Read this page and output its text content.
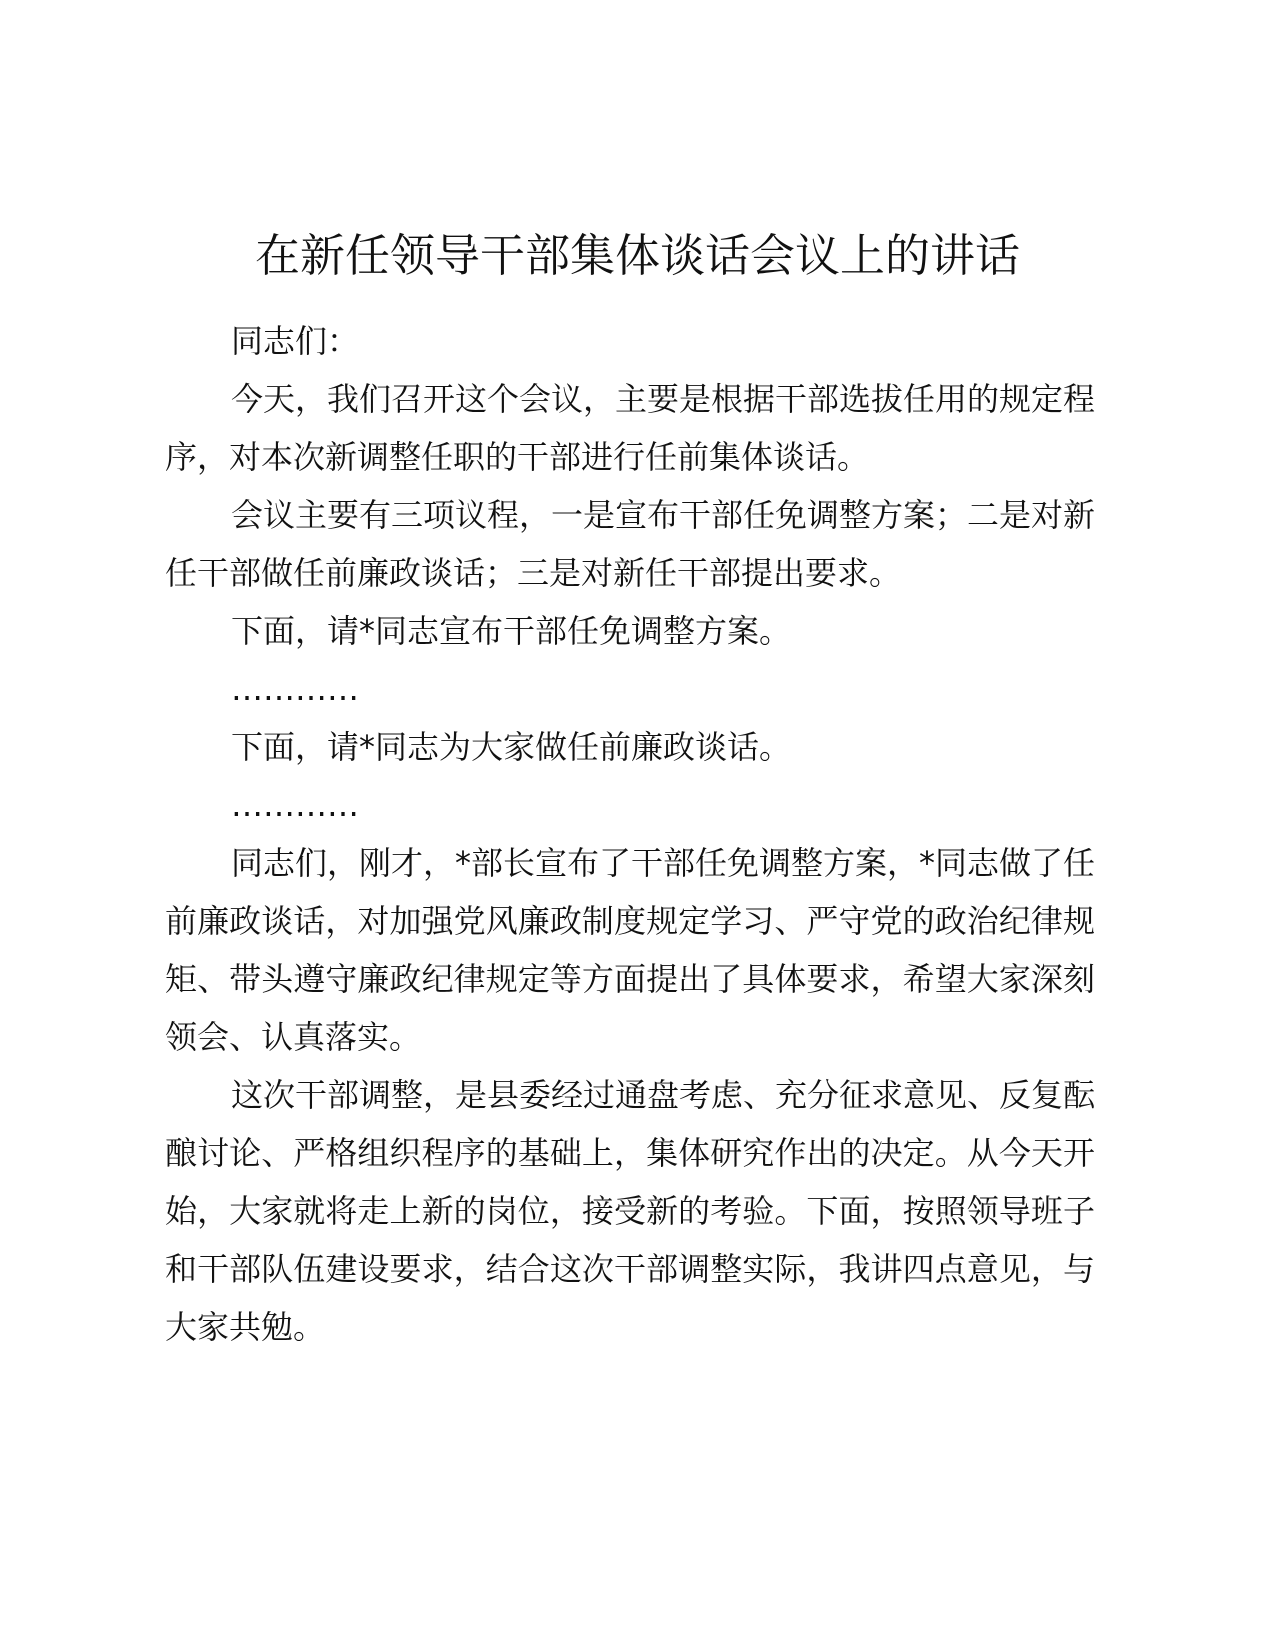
在新任领导干部集体谈话会议上的讲话

同志们：

今天，我们召开这个会议，主要是根据干部选拔任用的规定程序，对本次新调整任职的干部进行任前集体谈话。

会议主要有三项议程，一是宣布干部任免调整方案；二是对新任干部做任前廉政谈话；三是对新任干部提出要求。

下面，请*同志宣布干部任免调整方案。

…………

下面，请*同志为大家做任前廉政谈话。

…………

同志们，刚才，*部长宣布了干部任免调整方案，*同志做了任前廉政谈话，对加强党风廉政制度规定学习、严守党的政治纪律规矩、带头遵守廉政纪律规定等方面提出了具体要求，希望大家深刻领会、认真落实。

这次干部调整，是县委经过通盘考虑、充分征求意见、反复酝酿讨论、严格组织程序的基础上，集体研究作出的决定。从今天开始，大家就将走上新的岗位，接受新的考验。下面，按照领导班子和干部队伍建设要求，结合这次干部调整实际，我讲四点意见，与大家共勉。
